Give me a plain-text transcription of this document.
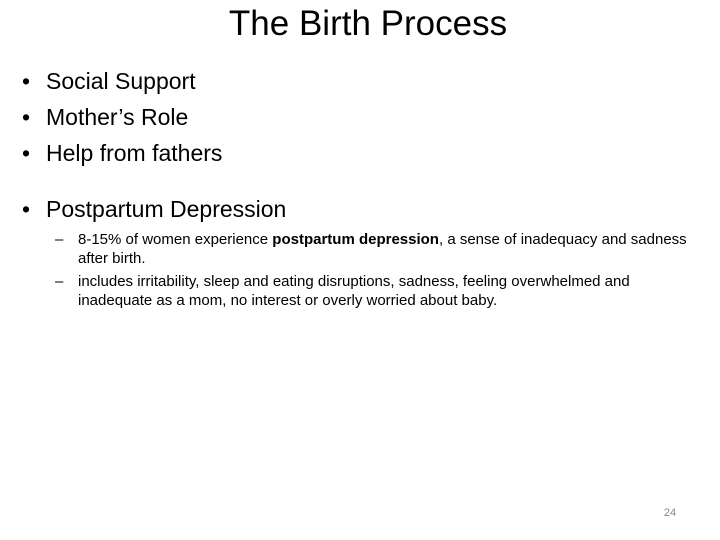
The Birth Process
• Social Support
• Mother’s Role
• Help from fathers
• Postpartum Depression
– 8-15% of women experience postpartum depression, a sense of inadequacy and sadness after birth.
– includes irritability, sleep and eating disruptions, sadness, feeling overwhelmed and inadequate as a mom, no interest or overly worried about baby.
24
